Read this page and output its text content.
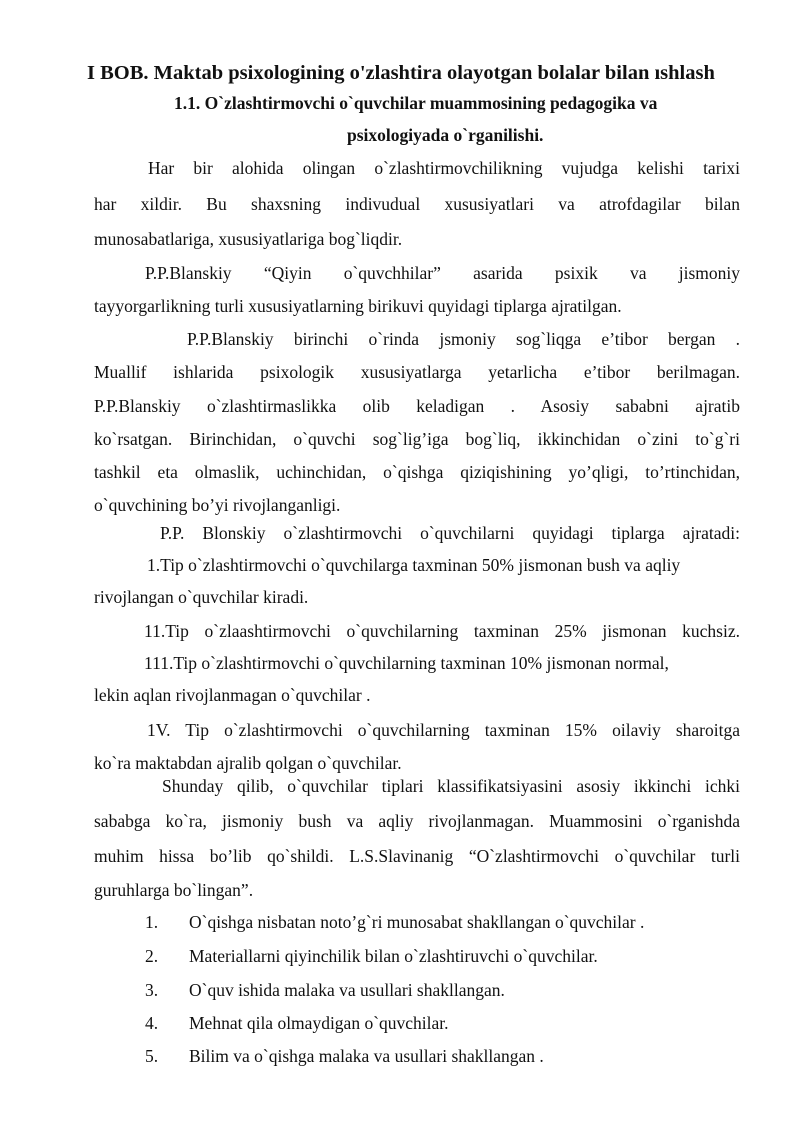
I BOB. Maktab psixologining o'zlashtira olayotgan bolalar bilan ıshlash
1.1. O`zlashtirmovchi o`quvchilar muammosining pedagogika va
psixologiyada o`rganilishi.
Har bir alohida olingan o`zlashtirmovchilikning vujudga kelishi tarixi
har xildir. Bu shaxsning indivudual xususiyatlari va atrofdagilar bilan
munosabatlariga, xususiyatlariga bog`liqdir.
P.P.Blanskiy “Qiyin o`quvchhilar” asarida psixik va jismoniy
tayyorgarlikning turli xususiyatlarning birikuvi quyidagi tiplarga ajratilgan.
P.P.Blanskiy birinchi o`rinda jsmoniy sog`liqga e’tibor bergan .
Muallif ishlarida psixologik xususiyatlarga yetarlicha e’tibor berilmagan.
P.P.Blanskiy o`zlashtirmaslikka olib keladigan . Asosiy sababni ajratib
ko`rsatgan. Birinchidan, o`quvchi sog`lig’iga bog`liq, ikkinchidan o`zini to`g`ri
tashkil eta olmaslik, uchinchidan, o`qishga qiziqishining yo’qligi, to’rtinchidan,
o`quvchining bo’yi rivojlanganligi.
P.P. Blonskiy o`zlashtirmovchi o`quvchilarni quyidagi tiplarga ajratadi:
1.Tip o`zlashtirmovchi o`quvchilarga taxminan 50% jismonan bush va aqliy
rivojlangan o`quvchilar kiradi.
11.Tip o`zlaashtirmovchi o`quvchilarning taxminan 25% jismonan kuchsiz.
111.Tip o`zlashtirmovchi o`quvchilarning taxminan 10% jismonan normal,
lekin aqlan rivojlanmagan o`quvchilar .
1V. Tip o`zlashtirmovchi o`quvchilarning taxminan 15% oilaviy sharoitga
ko`ra maktabdan ajralib qolgan o`quvchilar.
Shunday qilib, o`quvchilar tiplari klassifikatsiyasini asosiy ikkinchi ichki
sababga ko`ra, jismoniy bush va aqliy rivojlanmagan. Muammosini o`rganishda
muhim hissa bo’lib qo`shildi. L.S.Slavinanig “O`zlashtirmovchi o`quvchilar turli
guruhlarga bo`lingan”.
1. O`qishga nisbatan noto’g`ri munosabat shakllangan o`quvchilar .
2. Materiallarni qiyinchilik bilan o`zlashtiruvchi o`quvchilar.
3. O`quv ishida malaka va usullari shakllangan.
4. Mehnat qila olmaydigan o`quvchilar.
5. Bilim va o`qishga malaka va usullari shakllangan .
